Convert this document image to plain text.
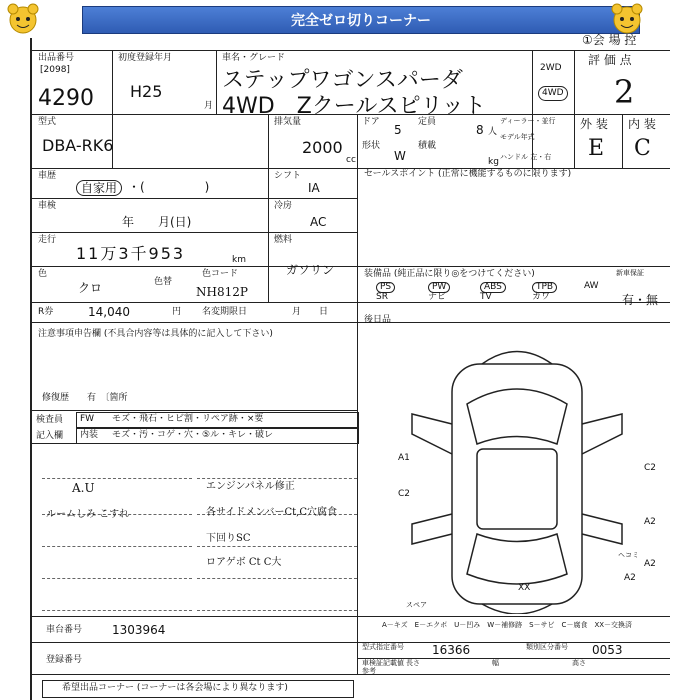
完全ゼロ切りコーナー
①会 場 控
出品番号
[2098]
4290
初度登録年月
H25
月
車名・グレード
ステップワゴンスパーダ
4WD　Zクールスピリット
2WD
4WD
評 価 点
2
型式
DBA-RK6
排気量
2000
cc
ドア
5
定員
8 人
形状
W
積載
kg
ディーラー・並行
モデル年式
ハンドル 左・右
外 装 内 装
E C
車歴
自家用 ・(　　　　　)
シフト
IA
車検
年　　月(日)
冷房
AC
走行
11万3千953	km
燃料
ガソリン
色
クロ	色替
色コード
NH812P
R券	14,040	円 名変期限日	月　　日
セールスポイント (正常に機能するものに限ります)
装備品 (純正品に限り◎をつけてください)	新車保証
有・無
後日品
注意事項申告欄 (不具合内容等は具体的に記入して下さい)
修復歴　　有　〔箇所
検査員
記入欄
FW モズ・飛石・ヒビ割・リペア跡・×要
内装 モズ・汚・コゲ・穴・⑤ル・キレ・破レ
A.U
ルームしみ こすれ
エンジンパネル修正
各サイドメンバーCt,C穴腐食
下回りSC
ロアゲボ Ct C大
A1
C2
C2
A2
A2
A2
XX
スペア
ヘコミ
A－キズ　E－エクボ　U－凹み　W－補修跡　S－サビ　C－腐食　XX－交換済
車台番号 1303964
登録番号
型式指定番号 16366	類別区分番号 0053
車検証記載値 長さ	幅	高さ
参考
希望出品コーナー (コーナーは各会場により異なります)
PS	PW	ABS	TPB	AW
SR	ナビ	TV	カワ
